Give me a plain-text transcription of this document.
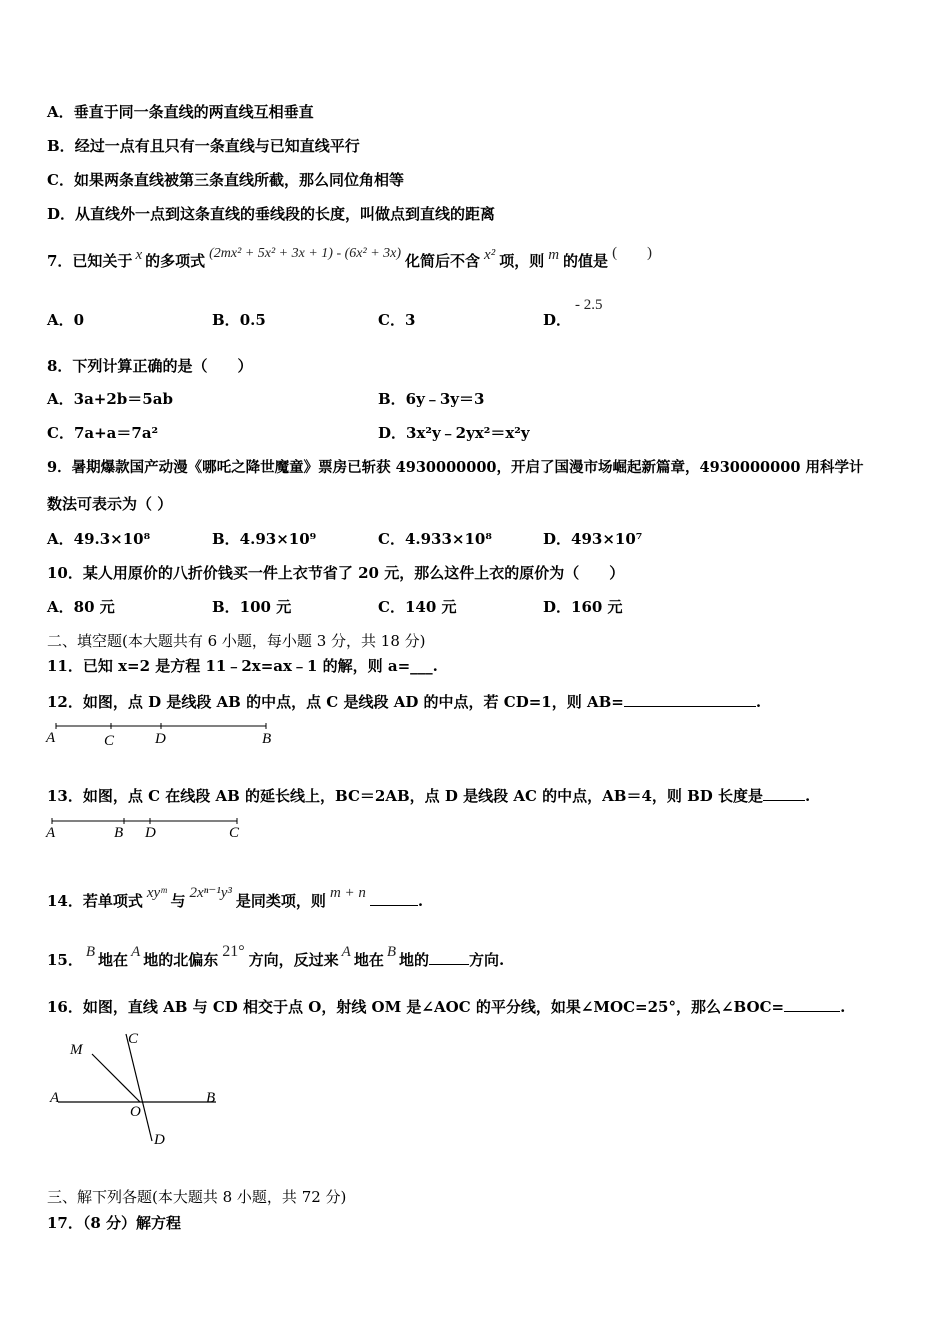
A．垂直于同一条直线的两直线互相垂直
B．经过一点有且只有一条直线与已知直线平行
C．如果两条直线被第三条直线所截，那么同位角相等
D．从直线外一点到这条直线的垂线段的长度，叫做点到直线的距离
7．已知关于 x 的多项式 (2mx² + 5x² + 3x + 1) - (6x² + 3x) 化简后不含 x² 项，则 m 的值是 (　　)
A．0	B．0.5	C．3	D．
- 2.5
8．下列计算正确的是（　　）
A．3a+2b＝5ab	B．6y﹣3y＝3
C．7a+a＝7a²	D．3x²y﹣2yx²＝x²y
9．暑期爆款国产动漫《哪吒之降世魔童》票房已斩获 4930000000，开启了国漫市场崛起新篇章，4930000000 用科学计
数法可表示为（ ）
A．49.3×10⁸	B．4.93×10⁹	C．4.933×10⁸	D．493×10⁷
10．某人用原价的八折价钱买一件上衣节省了 20 元，那么这件上衣的原价为（　　）
A．80 元	B．100 元	C．140 元	D．160 元
二、填空题(本大题共有 6 小题，每小题 3 分，共 18 分)
11．已知 x=2 是方程 11﹣2x=ax﹣1 的解，则 a=___.
12．如图，点 D 是线段 AB 的中点，点 C 是线段 AD 的中点，若 CD=1，则 AB=	.
A	C	D	B
13．如图，点 C 在线段 AB 的延长线上，BC＝2AB，点 D 是线段 AC 的中点，AB＝4，则 BD 长度是	.
A	B D	C
14．若单项式 xyᵐ 与 2xⁿ⁻¹y³ 是同类项，则 m + n	.
15． B 地在 A 地的北偏东 21° 方向，反过来 A 地在 B 地的	方向.
16．如图，直线 AB 与 CD 相交于点 O，射线 OM 是∠AOC 的平分线，如果∠MOC=25°，那么∠BOC=	.
M
C
A
O
B
D
三、解下列各题(本大题共 8 小题，共 72 分)
17．（8 分）解方程
